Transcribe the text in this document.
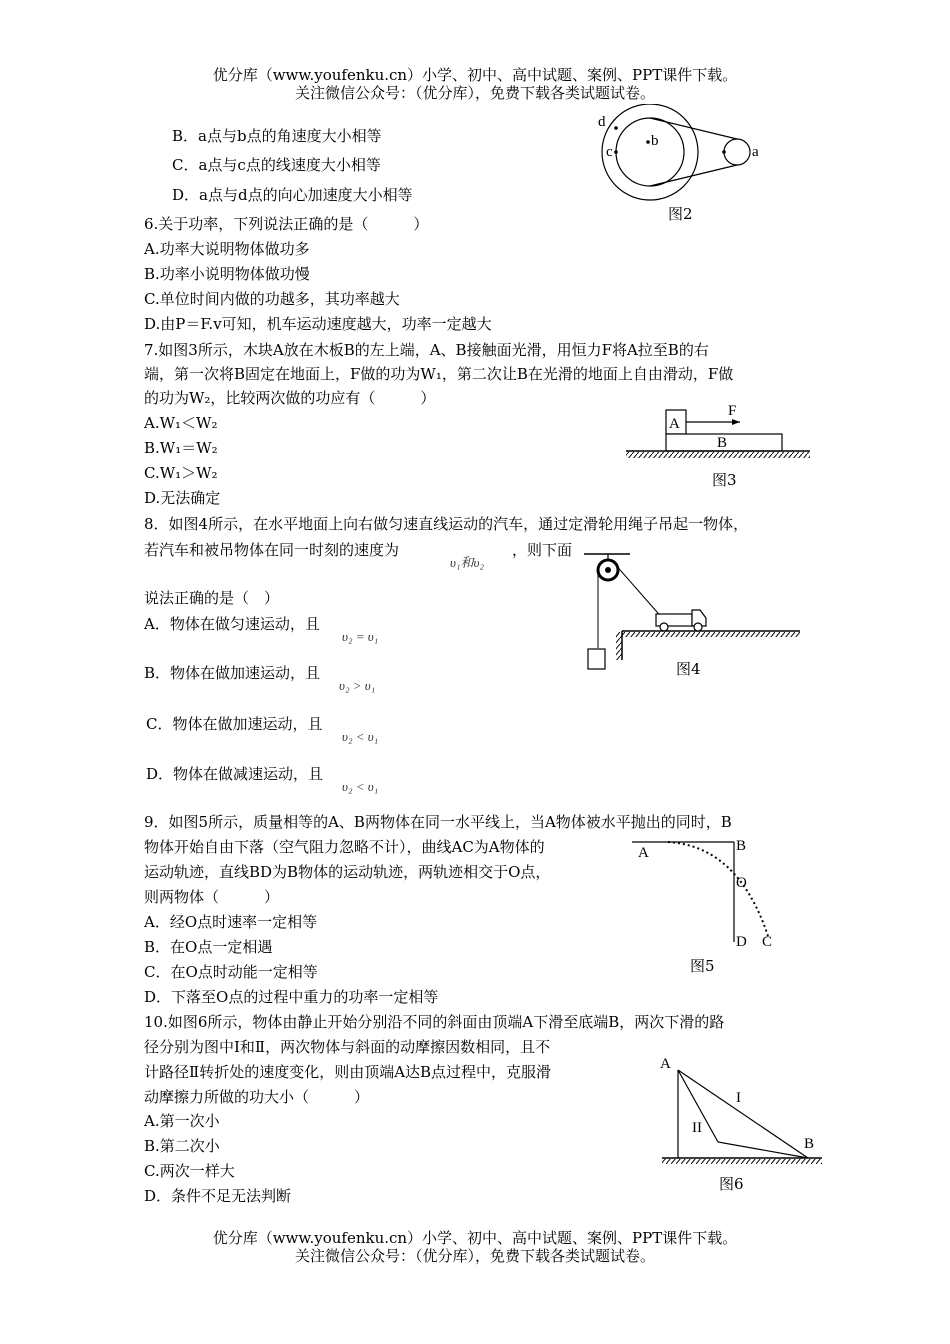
优分库（www.youfenku.cn）小学、初中、高中试题、案例、PPT课件下载。
关注微信公众号：（优分库），免费下载各类试题试卷。
B．a点与b点的角速度大小相等
C．a点与c点的线速度大小相等
D．a点与d点的向心加速度大小相等
d
c
b
a
图2
6.关于功率，下列说法正确的是（　　　）
A.功率大说明物体做功多
B.功率小说明物体做功慢
C.单位时间内做的功越多，其功率越大
D.由P＝F.v可知，机车运动速度越大，功率一定越大
7.如图3所示，木块A放在木板B的左上端，A、B接触面光滑，用恒力F将A拉至B的右
端，第一次将B固定在地面上，F做的功为W₁，第二次让B在光滑的地面上自由滑动，F做
的功为W₂，比较两次做的功应有（　　　）
A.W₁＜W₂
B.W₁＝W₂
C.W₁＞W₂
D.无法确定
A
B
F
图3
8．如图4所示，在水平地面上向右做匀速直线运动的汽车，通过定滑轮用绳子吊起一物体，
若汽车和被吊物体在同一时刻的速度为
υ₁和υ₂
，则下面
说法正确的是（　）
A．物体在做匀速运动，且
υ₂ = υ₁
B．物体在做加速运动，且
υ₂ > υ₁
C．物体在做加速运动，且
υ₂ < υ₁
D．物体在做减速运动，且
υ₂ < υ₁
图4
9．如图5所示，质量相等的A、B两物体在同一水平线上，当A物体被水平抛出的同时，B
物体开始自由下落（空气阻力忽略不计），曲线AC为A物体的
运动轨迹，直线BD为B物体的运动轨迹，两轨迹相交于O点，
则两物体（　　　）
A．经O点时速率一定相等
B．在O点一定相遇
C．在O点时动能一定相等
D．下落至O点的过程中重力的功率一定相等
A	B
O
D C
图5
10.如图6所示，物体由静止开始分别沿不同的斜面由顶端A下滑至底端B，两次下滑的路
径分别为图中Ⅰ和Ⅱ，两次物体与斜面的动摩擦因数相同，且不
计路径Ⅱ转折处的速度变化，则由顶端A达B点过程中，克服滑
动摩擦力所做的功大小（　　　）
A.第一次小
B.第二次小
C.两次一样大
D．条件不足无法判断
A
I
II
B
图6
优分库（www.youfenku.cn）小学、初中、高中试题、案例、PPT课件下载。
关注微信公众号：（优分库），免费下载各类试题试卷。
